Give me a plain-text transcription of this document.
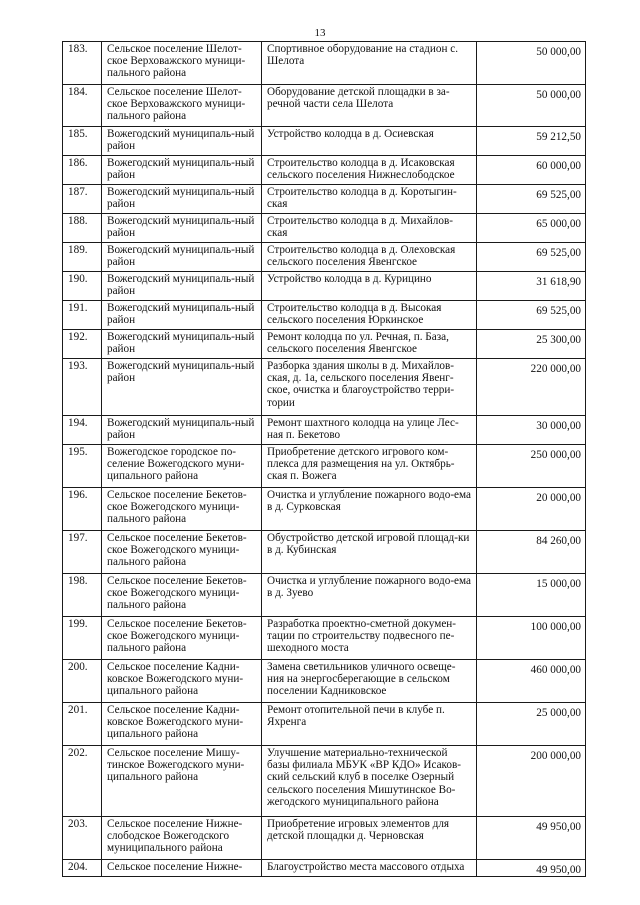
13
183.	Сельское поселение Шелот-ское Верховажского муници-пального района	Спортивное оборудование на стадион с. Шелота	50 000,00
184.	Сельское поселение Шелот-ское Верховажского муници-пального района	Оборудование детской площадки в за-речной части села Шелота	50 000,00
185.	Вожегодский муниципаль-ный район	Устройство колодца в д. Осиевская	59 212,50
186.	Вожегодский муниципаль-ный район	Строительство колодца в д. Исаковская сельского поселения Нижнеслободское	60 000,00
187.	Вожегодский муниципаль-ный район	Строительство колодца в д. Коротыгин-ская	69 525,00
188.	Вожегодский муниципаль-ный район	Строительство колодца в д. Михайлов-ская	65 000,00
189.	Вожегодский муниципаль-ный район	Строительство колодца в д. Олеховская сельского поселения Явенгское	69 525,00
190.	Вожегодский муниципаль-ный район	Устройство колодца в д. Курицино	31 618,90
191.	Вожегодский муниципаль-ный район	Строительство колодца в д. Высокая сельского поселения Юркинское	69 525,00
192.	Вожегодский муниципаль-ный район	Ремонт колодца по ул. Речная, п. База, сельского поселения Явенгское	25 300,00
193.	Вожегодский муниципаль-ный район	Разборка здания школы в д. Михайлов-ская, д. 1а, сельского поселения Явенг-ское, очистка и благоустройство терри-тории	220 000,00
194.	Вожегодский муниципаль-ный район	Ремонт шахтного колодца на улице Лес-ная п. Бекетово	30 000,00
195.	Вожегодское городское по-селение Вожегодского муни-ципального района	Приобретение детского игрового ком-плекса для размещения на ул. Октябрь-ская п. Вожега	250 000,00
196.	Сельское поселение Бекетов-ское Вожегодского муници-пального района	Очистка и углубление пожарного водо-ема в д. Сурковская	20 000,00
197.	Сельское поселение Бекетов-ское Вожегодского муници-пального района	Обустройство детской игровой площад-ки в д. Кубинская	84 260,00
198.	Сельское поселение Бекетов-ское Вожегодского муници-пального района	Очистка и углубление пожарного водо-ема в д. Зуево	15 000,00
199.	Сельское поселение Бекетов-ское Вожегодского муници-пального района	Разработка проектно-сметной докумен-тации по строительству подвесного пе-шеходного моста	100 000,00
200.	Сельское поселение Кадни-ковское Вожегодского муни-ципального района	Замена светильников уличного освеще-ния на энергосберегающие в сельском поселении Кадниковское	460 000,00
201.	Сельское поселение Кадни-ковское Вожегодского муни-ципального района	Ремонт отопительной печи в клубе п. Яхренга	25 000,00
202.	Сельское поселение Мишу-тинское Вожегодского муни-ципального района	Улучшение материально-технической базы филиала МБУК «ВР КДО» Исаков-ский сельский клуб в поселке Озерный сельского поселения Мишутинское Во-жегодского муниципального района	200 000,00
203.	Сельское поселение Нижне-слободское Вожегодского муниципального района	Приобретение игровых элементов для детской площадки д. Черновская	49 950,00
204.	Сельское поселение Нижне-	Благоустройство места массового отдыха	49 950,00
